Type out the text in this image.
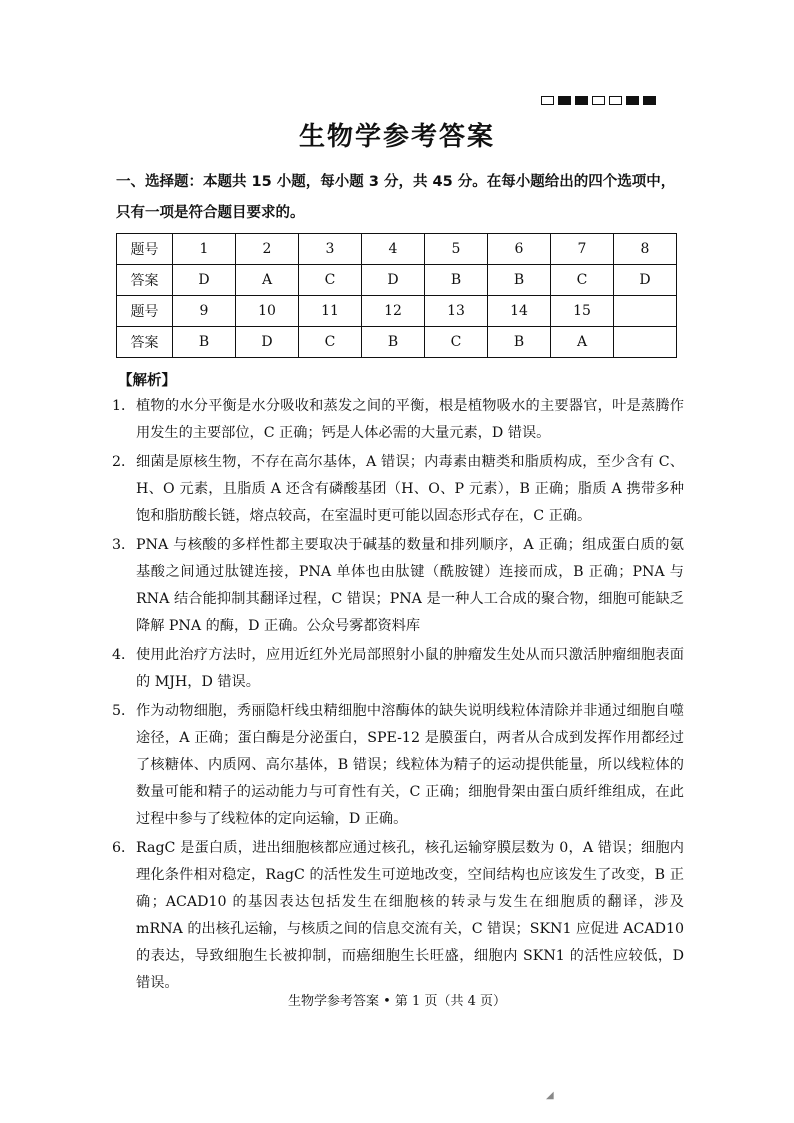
生物学参考答案
一、选择题：本题共 15 小题，每小题 3 分，共 45 分。在每小题给出的四个选项中，只有一项是符合题目要求的。
题号	1	2	3	4	5	6	7	8
答案	D	A	C	D	B	B	C	D
题号	9	10	11	12	13	14	15	
答案	B	D	C	B	C	B	A	
【解析】
1． 植物的水分平衡是水分吸收和蒸发之间的平衡，根是植物吸水的主要器官，叶是蒸腾作用发生的主要部位，C 正确；钙是人体必需的大量元素，D 错误。
2． 细菌是原核生物，不存在高尔基体，A 错误；内毒素由糖类和脂质构成，至少含有 C、H、O 元素，且脂质 A 还含有磷酸基团（H、O、P 元素），B 正确；脂质 A 携带多种饱和脂肪酸长链，熔点较高，在室温时更可能以固态形式存在，C 正确。
3． PNA 与核酸的多样性都主要取决于碱基的数量和排列顺序，A 正确；组成蛋白质的氨基酸之间通过肽键连接，PNA 单体也由肽键（酰胺键）连接而成，B 正确；PNA 与 RNA 结合能抑制其翻译过程，C 错误；PNA 是一种人工合成的聚合物，细胞可能缺乏降解 PNA 的酶，D 正确。公众号雾都资料库
4． 使用此治疗方法时，应用近红外光局部照射小鼠的肿瘤发生处从而只激活肿瘤细胞表面的 MJH，D 错误。
5． 作为动物细胞，秀丽隐杆线虫精细胞中溶酶体的缺失说明线粒体清除并非通过细胞自噬途径，A 正确；蛋白酶是分泌蛋白，SPE-12 是膜蛋白，两者从合成到发挥作用都经过了核糖体、内质网、高尔基体，B 错误；线粒体为精子的运动提供能量，所以线粒体的数量可能和精子的运动能力与可育性有关，C 正确；细胞骨架由蛋白质纤维组成，在此过程中参与了线粒体的定向运输，D 正确。
6． RagC 是蛋白质，进出细胞核都应通过核孔，核孔运输穿膜层数为 0，A 错误；细胞内理化条件相对稳定，RagC 的活性发生可逆地改变，空间结构也应该发生了改变，B 正确；ACAD10 的基因表达包括发生在细胞核的转录与发生在细胞质的翻译，涉及 mRNA 的出核孔运输，与核质之间的信息交流有关，C 错误；SKN1 应促进 ACAD10 的表达，导致细胞生长被抑制，而癌细胞生长旺盛，细胞内 SKN1 的活性应较低，D 错误。
生物学参考答案 • 第 1 页（共 4 页）
◢
